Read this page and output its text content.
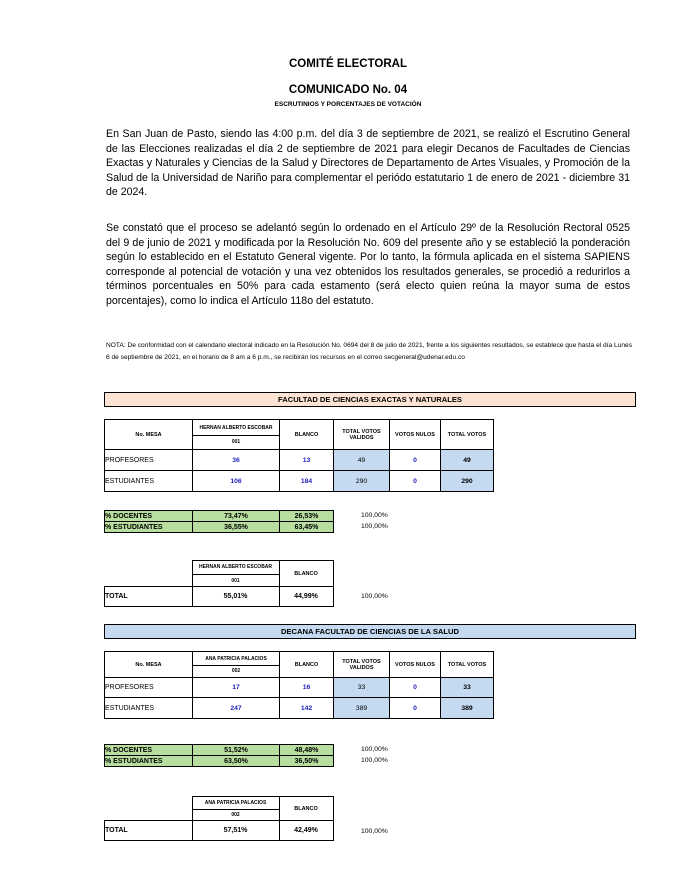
COMITÉ ELECTORAL
COMUNICADO No. 04
ESCRUTINIOS Y PORCENTAJES DE VOTACIÓN
En San Juan de Pasto, siendo las 4:00 p.m. del día 3 de septiembre de 2021, se realizó el Escrutino General de las Elecciones realizadas el día 2 de septiembre de 2021 para elegir Decanos de Facultades de Ciencias Exactas y Naturales y Ciencias de la Salud y Directores de Departamento de Artes Visuales, y Promoción de la Salud de la Universidad de Nariño para complementar el periódo estatutario 1 de enero de 2021 - diciembre 31 de 2024.
Se constató que el proceso se adelantó según lo ordenado en el Artículo 29º de la Resolución Rectoral 0525 del 9 de junio de 2021 y modificada por la Resolución No. 609 del presente año y se estableció la ponderación según lo establecido en el Estatuto General vigente. Por lo tanto, la fórmula aplicada en el sistema SAPIENS corresponde al potencial de votación y una vez obtenidos los resultados generales, se procedió a redurirlos a términos porcentuales en 50% para cada estamento (será electo quien reúna la mayor suma de estos porcentajes), como lo indica el Artículo 118o del estatuto.
NOTA: De conformidad con el calendario electoral indicado en la Resolución No. 0694 del 8 de julio de 2021, frente a los siguientes resultados, se establece que hasta el día Lunes 6 de septiembre de 2021, en el horario de 8 am a 6 p.m., se recibirán los recursos en el correo secgeneral@udenar.edu.co
FACULTAD DE CIENCIAS EXACTAS Y NATURALES
No. MESA	HERNAN ALBERTO ESCOBAR
001	BLANCO	TOTAL VOTOS VALIDOS	VOTOS NULOS	TOTAL VOTOS
PROFESORES	36	13	49	0	49
ESTUDIANTES	106	184	290	0	290
% DOCENTES	73,47%	26,53%
% ESTUDIANTES	36,55%	63,45%
100,00%
100,00%

	HERNAN ALBERTO ESCOBAR
001	BLANCO
TOTAL	55,01%	44,99%	100,00%
DECANA FACULTAD DE CIENCIAS DE LA SALUD
No. MESA	ANA PATRICIA PALACIOS
002	BLANCO	TOTAL VOTOS VALIDOS	VOTOS NULOS	TOTAL VOTOS
PROFESORES	17	16	33	0	33
ESTUDIANTES	247	142	389	0	389
% DOCENTES	51,52%	48,48%
% ESTUDIANTES	63,50%	36,50%
100,00%
100,00%

	ANA PATRICIA PALACIOS
002	BLANCO
TOTAL	57,51%	42,49%	100,00%
